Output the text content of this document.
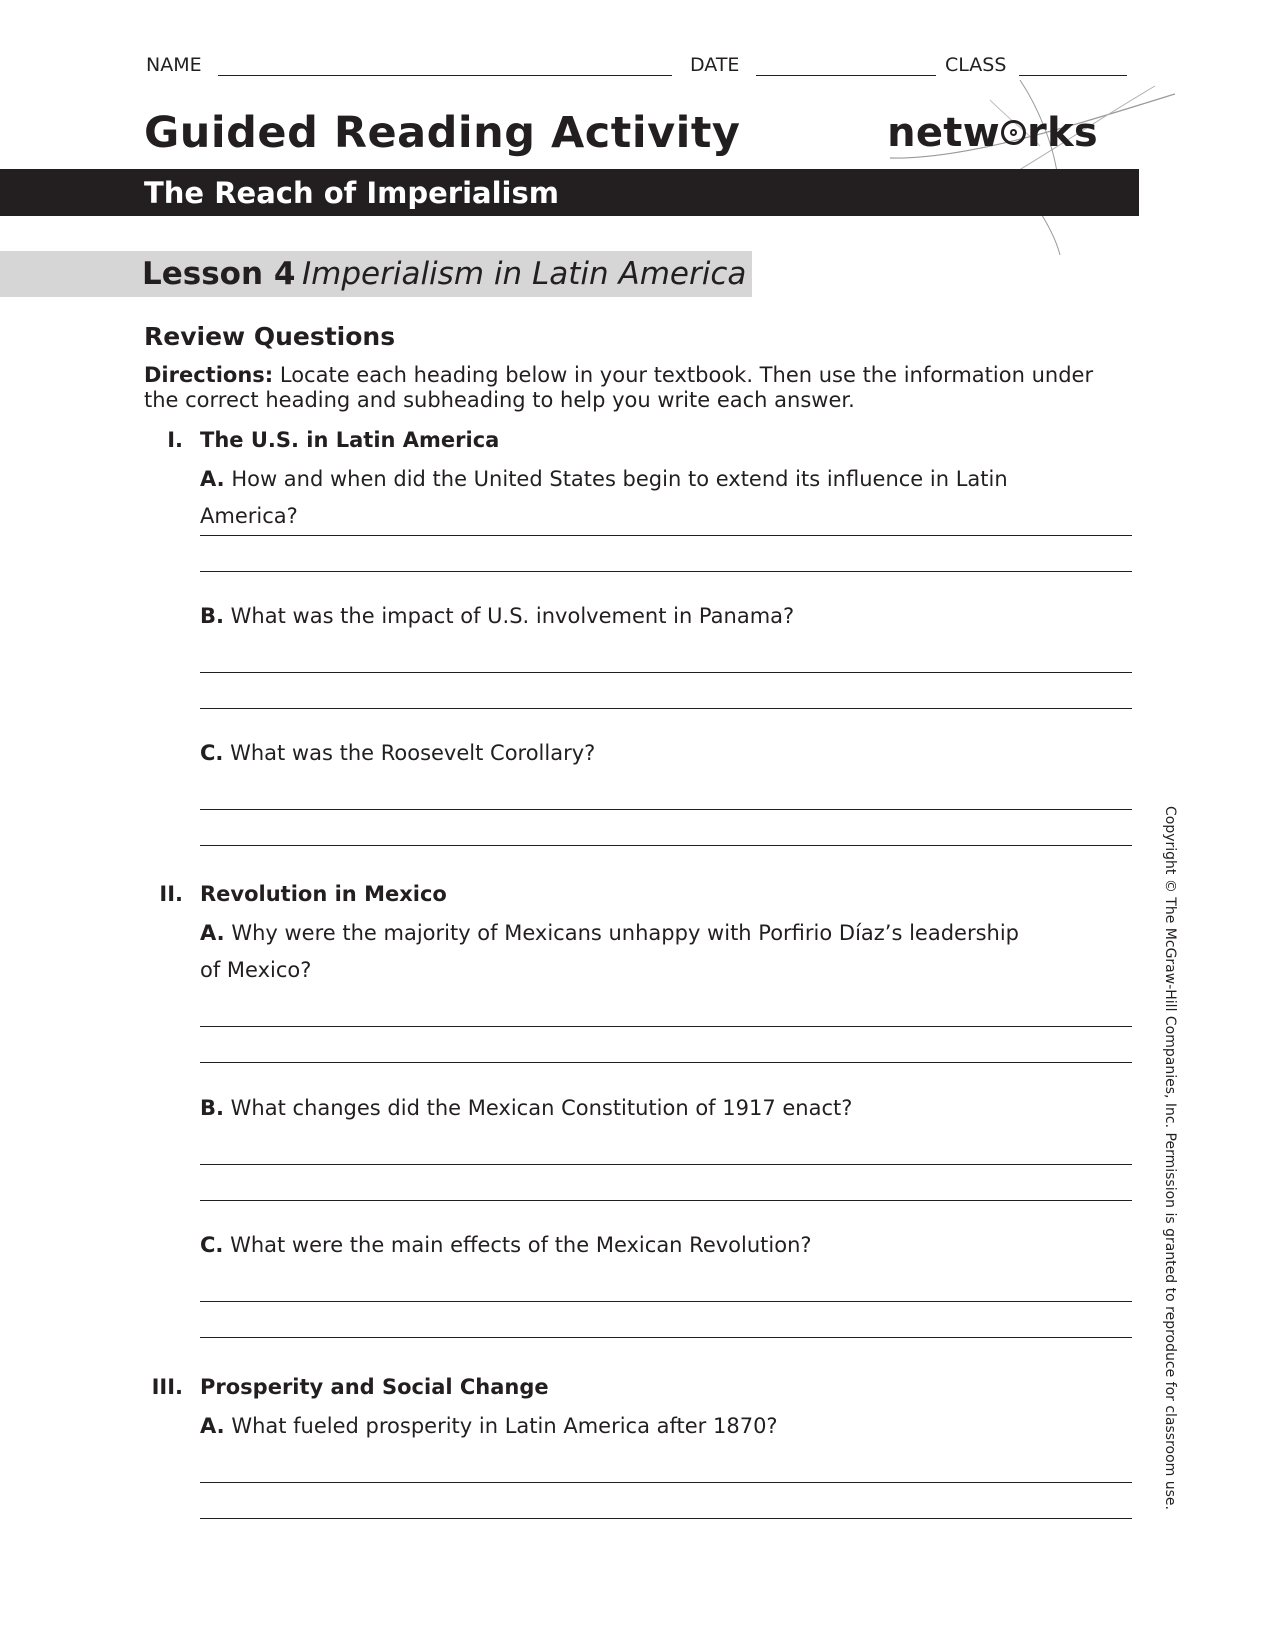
NAME	DATE	CLASS
Guided Reading Activity	netw rks
The Reach of Imperialism
Lesson 4 Imperialism in Latin America
Review Questions
Directions: Locate each heading below in your textbook. Then use the information under the correct heading and subheading to help you write each answer.
I. The U.S. in Latin America
A. How and when did the United States begin to extend its influence in Latin America?
B. What was the impact of U.S. involvement in Panama?
C. What was the Roosevelt Corollary?
II. Revolution in Mexico
A. Why were the majority of Mexicans unhappy with Porfirio Díaz’s leadership of Mexico?
B. What changes did the Mexican Constitution of 1917 enact?
C. What were the main effects of the Mexican Revolution?
III. Prosperity and Social Change
A. What fueled prosperity in Latin America after 1870?	Copyright © The McGraw-Hill Companies, Inc. Permission is granted to reproduce for classroom use.
